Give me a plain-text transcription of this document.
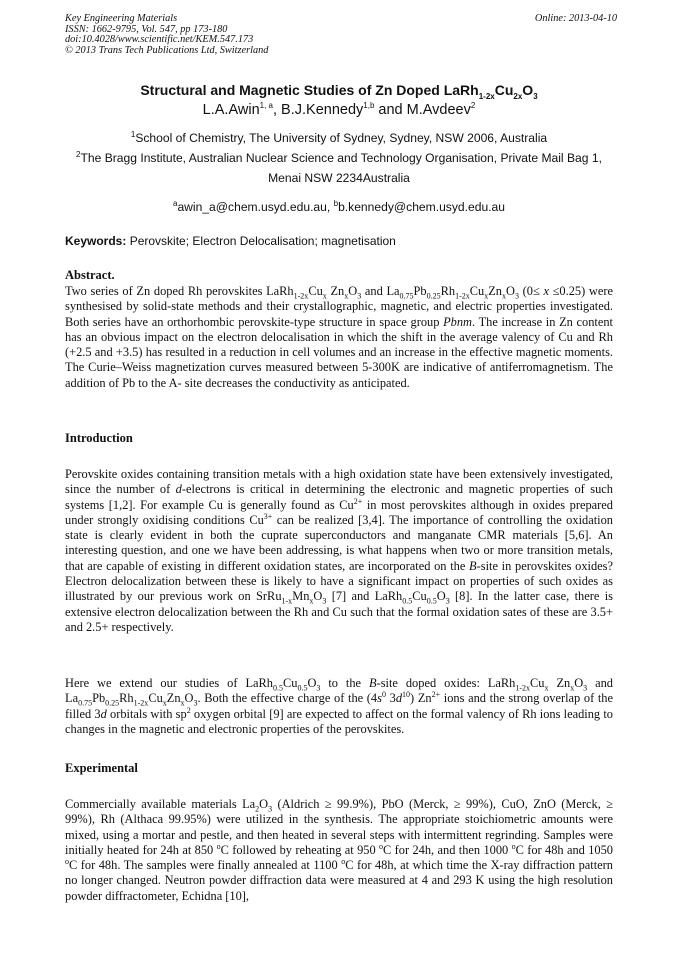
Key Engineering Materials
ISSN: 1662-9795, Vol. 547, pp 173-180
doi:10.4028/www.scientific.net/KEM.547.173
© 2013 Trans Tech Publications Ltd, Switzerland
Online: 2013-04-10
Structural and Magnetic Studies of Zn Doped $LaRh_{1-2x}Cu_{2x}O_3$
L.A.Awin$^{1, a}$, B.J.Kennedy$^{1,b}$ and M.Avdeev$^2$
$^1$School of Chemistry, The University of Sydney, Sydney, NSW 2006, Australia
$^2$The Bragg Institute, Australian Nuclear Science and Technology Organisation, Private Mail Bag 1,
Menai NSW 2234Australia
$^a$awin_a@chem.usyd.edu.au, $^b$b.kennedy@chem.usyd.edu.au
Keywords: Perovskite; Electron Delocalisation; magnetisation
Abstract.
Two series of Zn doped Rh perovskites $LaRh_{1-2x}Cu_x$ $Zn_xO_3$ and $La_{0.75}Pb_{0.25}Rh_{1-2x}Cu_xZn_xO_3$ (0≤ x ≤0.25) were synthesised by solid-state methods and their crystallographic, magnetic, and electric properties investigated. Both series have an orthorhombic perovskite-type structure in space group Pbnm. The increase in Zn content has an obvious impact on the electron delocalisation in which the shift in the average valency of Cu and Rh (+2.5 and +3.5) has resulted in a reduction in cell volumes and an increase in the effective magnetic moments. The Curie–Weiss magnetization curves measured between 5-300K are indicative of antiferromagnetism. The addition of Pb to the A- site decreases the conductivity as anticipated.
Introduction
Perovskite oxides containing transition metals with a high oxidation state have been extensively investigated, since the number of d-electrons is critical in determining the electronic and magnetic properties of such systems [1,2]. For example Cu is generally found as $Cu^{2+}$ in most perovskites although in oxides prepared under strongly oxidising conditions $Cu^{3+}$ can be realized [3,4]. The importance of controlling the oxidation state is clearly evident in both the cuprate superconductors and manganate CMR materials [5,6]. An interesting question, and one we have been addressing, is what happens when two or more transition metals, that are capable of existing in different oxidation states, are incorporated on the B-site in perovskites oxides? Electron delocalization between these is likely to have a significant impact on properties of such oxides as illustrated by our previous work on $SrRu_{1-x}Mn_xO_3$ [7] and $LaRh_{0.5}Cu_{0.5}O_3$ [8]. In the latter case, there is extensive electron delocalization between the Rh and Cu such that the formal oxidation sates of these are 3.5+ and 2.5+ respectively.
Here we extend our studies of $LaRh_{0.5}Cu_{0.5}O_3$ to the B-site doped oxides: $LaRh_{1-2x}Cu_x$ $Zn_xO_3$ and $La_{0.75}Pb_{0.25}Rh_{1-2x}Cu_xZn_xO_3$. Both the effective charge of the ($4s^0$ $3d^{10}$) $Zn^{2+}$ ions and the strong overlap of the filled 3d orbitals with $sp^2$ oxygen orbital [9] are expected to affect on the formal valency of Rh ions leading to changes in the magnetic and electronic properties of the perovskites.
Experimental
Commercially available materials $La_2O_3$ (Aldrich ≥ 99.9%), PbO (Merck, ≥ 99%), CuO, ZnO (Merck, ≥ 99%), Rh (Althaca 99.95%) were utilized in the synthesis. The appropriate stoichiometric amounts were mixed, using a mortar and pestle, and then heated in several steps with intermittent regrinding. Samples were initially heated for 24h at 850 $^o$C followed by reheating at 950 $^o$C for 24h, and then 1000 $^o$C for 48h and 1050 $^o$C for 48h. The samples were finally annealed at 1100 $^o$C for 48h, at which time the X-ray diffraction pattern no longer changed. Neutron powder diffraction data were measured at 4 and 293 K using the high resolution powder diffractometer, Echidna [10],
